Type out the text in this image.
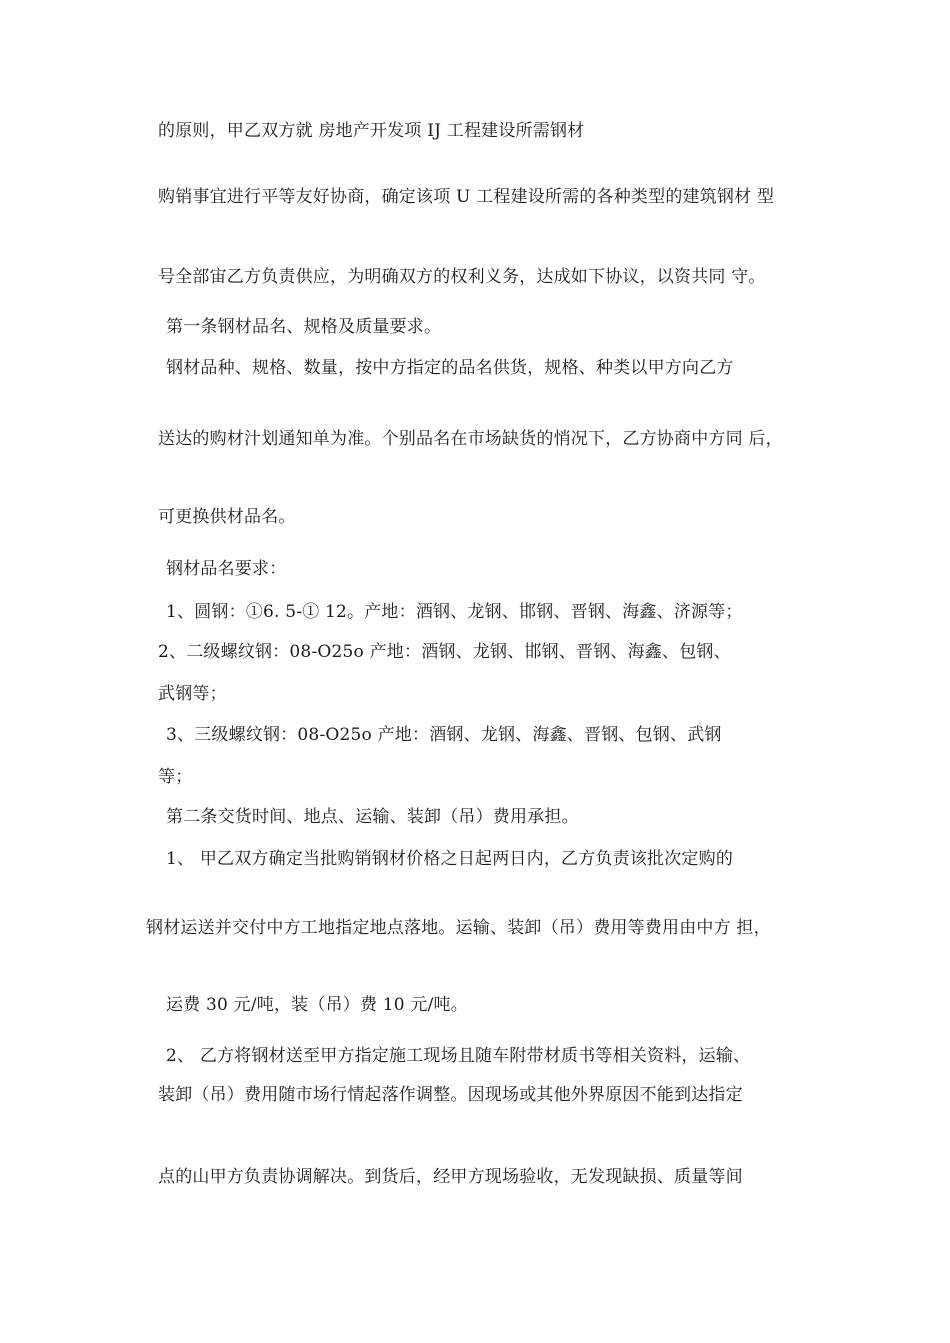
的原则，甲乙双方就 房地产开发项 IJ 工程建设所需钢材
购销事宜进行平等友好协商，确定该项 U 工程建设所需的各种类型的建筑钢材 型
号全部宙乙方负责供应，为明确双方的权利义务，达成如下协议，以资共同 守。
第一条钢材品名、规格及质量要求。
钢材品种、规格、数量，按中方指定的品名供货，规格、种类以甲方向乙方
送达的购材汁划通知单为准。个别品名在市场缺货的悄况下，乙方协商中方同 后，
可更换供材品名。
钢材品名要求：
1、圆钢：①6. 5-① 12。产地：酒钢、龙钢、邯钢、晋钢、海鑫、济源等；
2、二级螺纹钢：08-O25o 产地：酒钢、龙钢、邯钢、晋钢、海鑫、包钢、
武钢等；
3、三级螺纹钢：08-O25o 产地：酒钢、龙钢、海鑫、晋钢、包钢、武钢
等；
第二条交货时间、地点、运输、装卸（吊）费用承担。
1、 甲乙双方确定当批购销钢材价格之日起两日内，乙方负责该批次定购的
钢材运送并交付中方工地指定地点落地。运输、装卸（吊）费用等费用由中方 担，
运费 30 元/吨，装（吊）费 10 元/吨。
2、 乙方将钢材送至甲方指定施工现场且随车附带材质书等相关资料，运输、
装卸（吊）费用随市场行情起落作调整。因现场或其他外界原因不能到达指定
点的山甲方负责协调解决。到货后，经甲方现场验收，无发现缺损、质量等间
